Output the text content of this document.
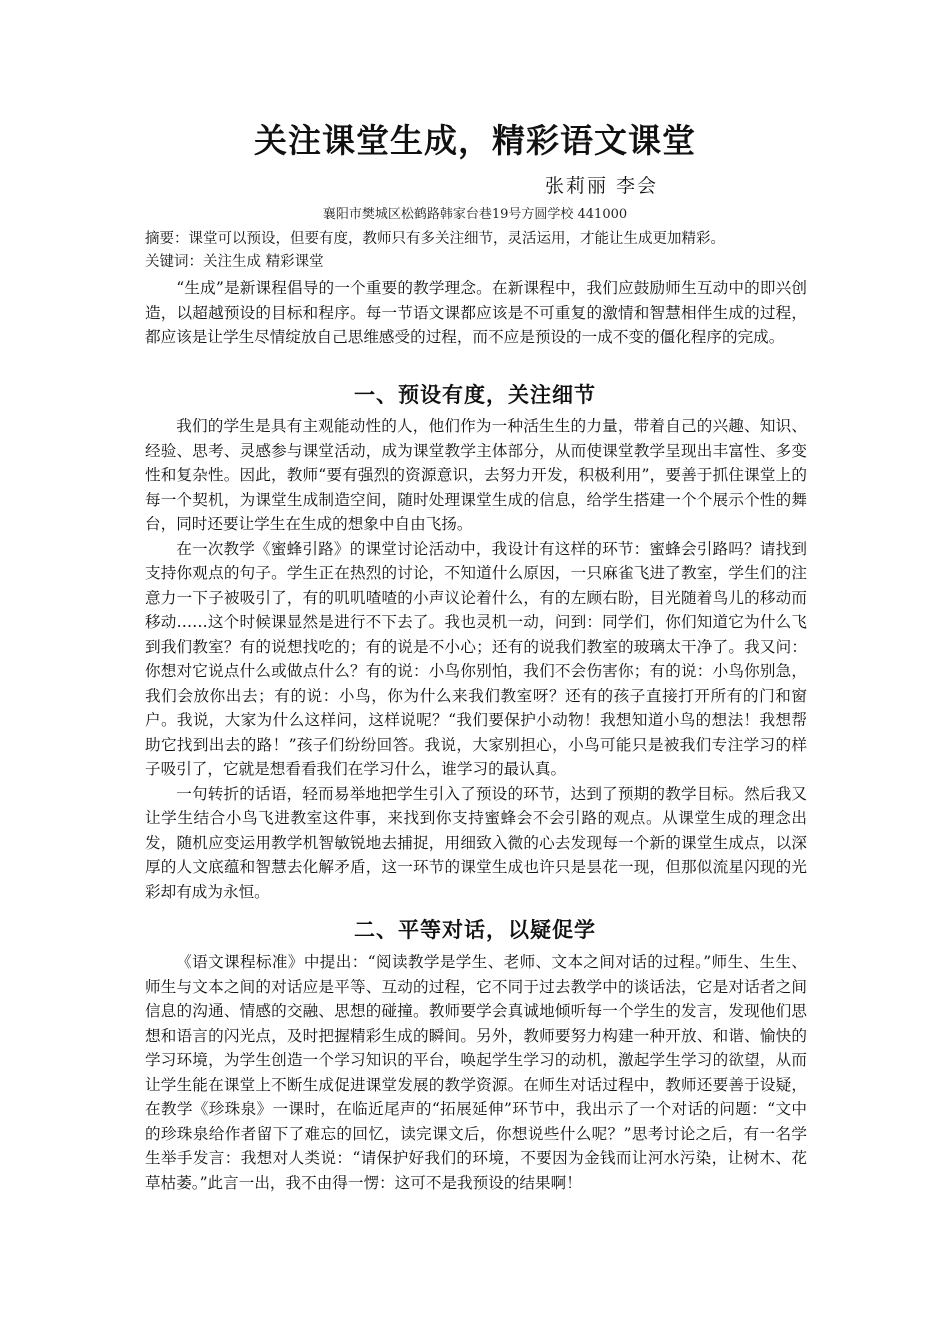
关注课堂生成，精彩语文课堂
张莉丽 李会
襄阳市樊城区松鹤路韩家台巷19号方圆学校 441000
摘要：课堂可以预设，但要有度，教师只有多关注细节，灵活运用，才能让生成更加精彩。
关键词：关注生成 精彩课堂

“生成”是新课程倡导的一个重要的教学理念。在新课程中，我们应鼓励师生互动中的即兴创造，以超越预设的目标和程序。每一节语文课都应该是不可重复的激情和智慧相伴生成的过程，都应该是让学生尽情绽放自己思维感受的过程，而不应是预设的一成不变的僵化程序的完成。

一、预设有度，关注细节

我们的学生是具有主观能动性的人，他们作为一种活生生的力量，带着自己的兴趣、知识、经验、思考、灵感参与课堂活动，成为课堂教学主体部分，从而使课堂教学呈现出丰富性、多变性和复杂性。因此，教师“要有强烈的资源意识，去努力开发，积极利用”，要善于抓住课堂上的每一个契机，为课堂生成制造空间，随时处理课堂生成的信息，给学生搭建一个个展示个性的舞台，同时还要让学生在生成的想象中自由飞扬。

在一次教学《蜜蜂引路》的课堂讨论活动中，我设计有这样的环节：蜜蜂会引路吗？请找到支持你观点的句子。学生正在热烈的讨论，不知道什么原因，一只麻雀飞进了教室，学生们的注意力一下子被吸引了，有的叽叽喳喳的小声议论着什么，有的左顾右盼，目光随着鸟儿的移动而移动……这个时候课显然是进行不下去了。我也灵机一动，问到：同学们，你们知道它为什么飞到我们教室？有的说想找吃的；有的说是不小心；还有的说我们教室的玻璃太干净了。我又问：你想对它说点什么或做点什么？有的说：小鸟你别怕，我们不会伤害你；有的说：小鸟你别急，我们会放你出去；有的说：小鸟，你为什么来我们教室呀？还有的孩子直接打开所有的门和窗户。我说，大家为什么这样问，这样说呢？“我们要保护小动物！我想知道小鸟的想法！我想帮助它找到出去的路！”孩子们纷纷回答。我说，大家别担心，小鸟可能只是被我们专注学习的样子吸引了，它就是想看看我们在学习什么，谁学习的最认真。

一句转折的话语，轻而易举地把学生引入了预设的环节，达到了预期的教学目标。然后我又让学生结合小鸟飞进教室这件事，来找到你支持蜜蜂会不会引路的观点。从课堂生成的理念出发，随机应变运用教学机智敏锐地去捕捉，用细致入微的心去发现每一个新的课堂生成点，以深厚的人文底蕴和智慧去化解矛盾，这一环节的课堂生成也许只是昙花一现，但那似流星闪现的光彩却有成为永恒。

二、平等对话，以疑促学

《语文课程标准》中提出：“阅读教学是学生、老师、文本之间对话的过程。”师生、生生、师生与文本之间的对话应是平等、互动的过程，它不同于过去教学中的谈话法，它是对话者之间信息的沟通、情感的交融、思想的碰撞。教师要学会真诚地倾听每一个学生的发言，发现他们思想和语言的闪光点，及时把握精彩生成的瞬间。另外，教师要努力构建一种开放、和谐、愉快的学习环境，为学生创造一个学习知识的平台，唤起学生学习的动机，激起学生学习的欲望，从而让学生能在课堂上不断生成促进课堂发展的教学资源。在师生对话过程中，教师还要善于设疑，在教学《珍珠泉》一课时，在临近尾声的“拓展延伸”环节中，我出示了一个对话的问题：“文中的珍珠泉给作者留下了难忘的回忆，读完课文后，你想说些什么呢？”思考讨论之后，有一名学生举手发言：我想对人类说：“请保护好我们的环境，不要因为金钱而让河水污染，让树木、花草枯萎。”此言一出，我不由得一愣：这可不是我预设的结果啊！
